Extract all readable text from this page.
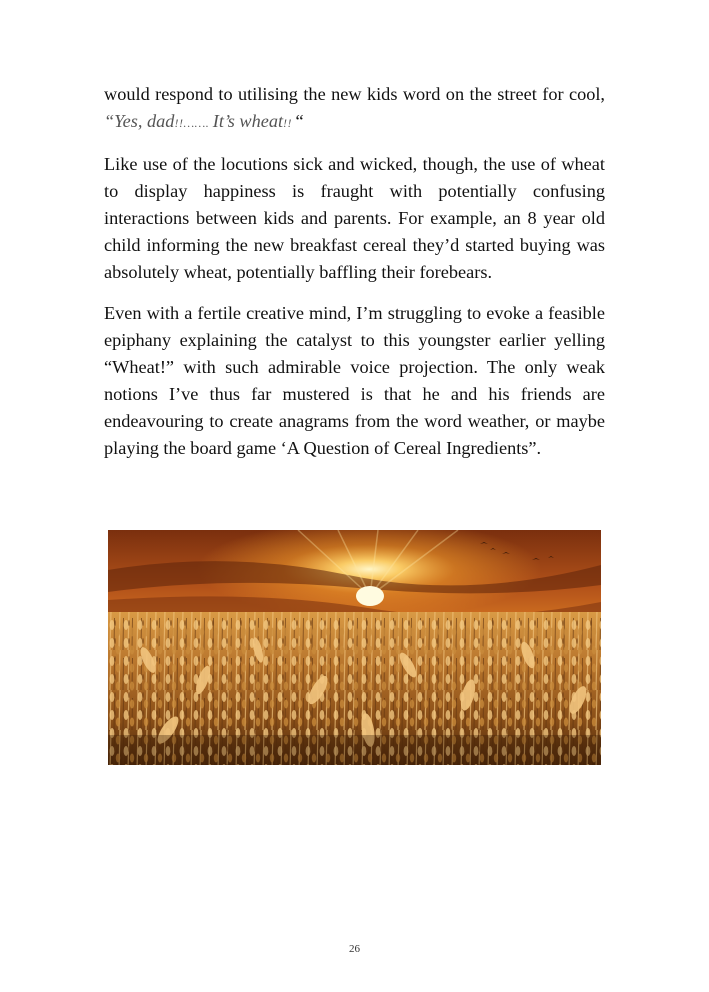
would respond to utilising the new kids word on the street for cool, “Yes, dad!!……. It’s wheat!! “

Like use of the locutions sick and wicked, though, the use of wheat to display happiness is fraught with potentially confusing interactions between kids and parents. For example, an 8 year old child informing the new breakfast cereal they’d started buying was absolutely wheat, potentially baffling their forebears.

Even with a fertile creative mind, I’m struggling to evoke a feasible epiphany explaining the catalyst to this youngster earlier yelling “Wheat!” with such admirable voice projection. The only weak notions I’ve thus far mustered is that he and his friends are endeavouring to create anagrams from the word weather, or maybe playing the board game ‘A Question of Cereal Ingredients”.

26
